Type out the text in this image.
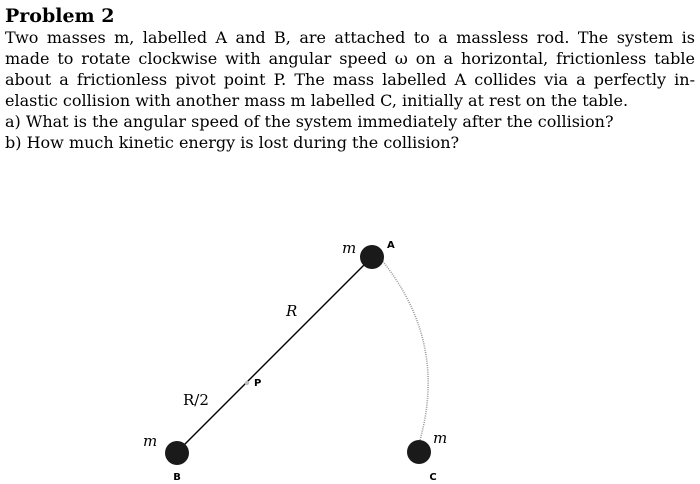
Problem 2
Two masses m, labelled A and B, are attached to a massless rod. The system is
made to rotate clockwise with angular speed ω on a horizontal, frictionless table
about a frictionless pivot point P. The mass labelled A collides via a perfectly in-
elastic collision with another mass m labelled C, initially at rest on the table.
a) What is the angular speed of the system immediately after the collision?
b) How much kinetic energy is lost during the collision?
m	A
m
B
m
C
P
R
R/2
